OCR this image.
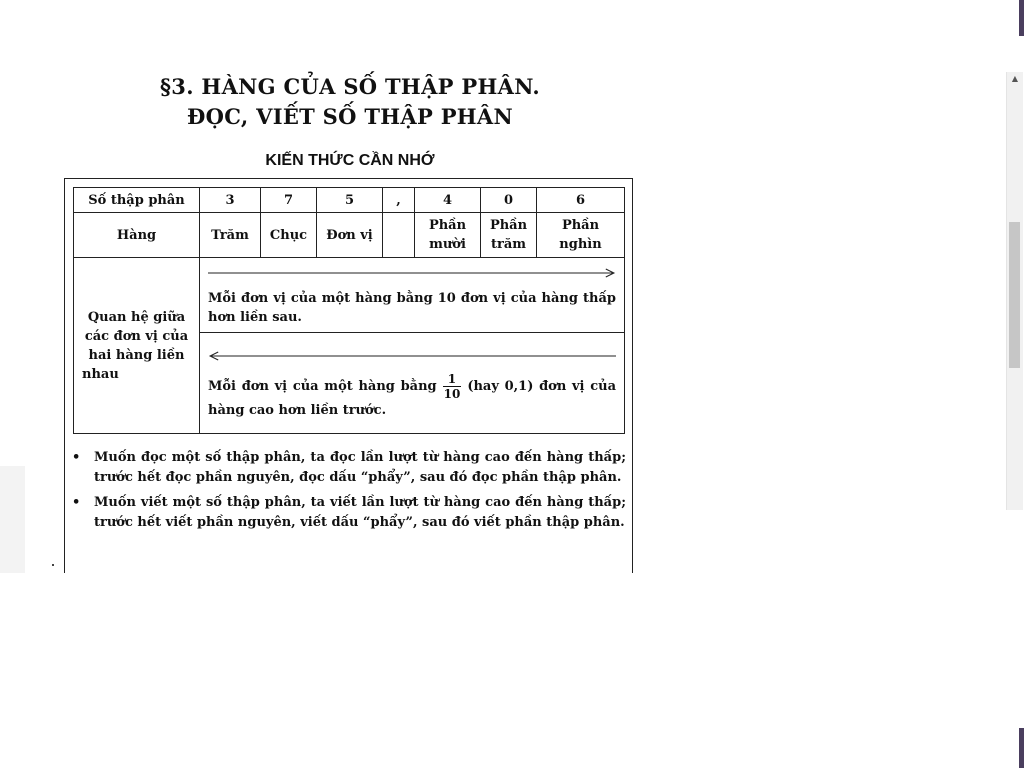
§3. HÀNG CỦA SỐ THẬP PHÂN.
ĐỌC, VIẾT SỐ THẬP PHÂN
KIẾN THỨC CẦN NHỚ
Số thập phân	3	7	5	,	4	0	6
Hàng	Trăm	Chục	Đơn vị		Phần mười	Phần trăm	Phần nghìn
Quan hệ giữa các đơn vị của hai hàng liền nhau	Mỗi đơn vị của một hàng bằng 10 đơn vị của hàng thấp hơn liền sau.						

	Mỗi đơn vị của một hàng bằng $\frac{1}{10} (hay$ 0,1) đơn vị của hàng cao hơn liền trước.						
• Muốn đọc một số thập phân, ta đọc lần lượt từ hàng cao đến hàng thấp; trước hết đọc phần nguyên, đọc dấu “phẩy”, sau đó đọc phần thập phân.
• Muốn viết một số thập phân, ta viết lần lượt từ hàng cao đến hàng thấp; trước hết viết phần nguyên, viết dấu “phẩy”, sau đó viết phần thập phân.
▲
